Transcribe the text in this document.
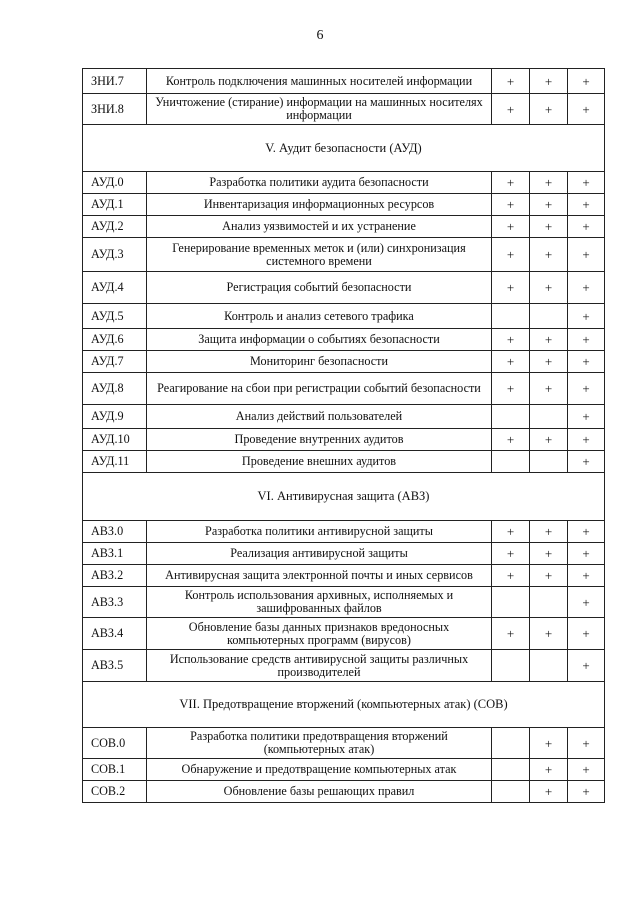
6
ЗНИ.7	Контроль подключения машинных носителей информации	+	+	+
ЗНИ.8	Уничтожение (стирание) информации на машинных носителях информации	+	+	+
V. Аудит безопасности (АУД)				
АУД.0	Разработка политики аудита безопасности	+	+	+
АУД.1	Инвентаризация информационных ресурсов	+	+	+
АУД.2	Анализ уязвимостей и их устранение	+	+	+
АУД.3	Генерирование временных меток и (или) синхронизация системного времени	+	+	+
АУД.4	Регистрация событий безопасности	+	+	+
АУД.5	Контроль и анализ сетевого трафика			+
АУД.6	Защита информации о событиях безопасности	+	+	+
АУД.7	Мониторинг безопасности	+	+	+
АУД.8	Реагирование на сбои при регистрации событий безопасности	+	+	+
АУД.9	Анализ действий пользователей			+
АУД.10	Проведение внутренних аудитов	+	+	+
АУД.11	Проведение внешних аудитов			+
VI. Антивирусная защита (АВЗ)				
АВЗ.0	Разработка политики антивирусной защиты	+	+	+
АВЗ.1	Реализация антивирусной защиты	+	+	+
АВЗ.2	Антивирусная защита электронной почты и иных сервисов	+	+	+
АВЗ.3	Контроль использования архивных, исполняемых и зашифрованных файлов			+
АВЗ.4	Обновление базы данных признаков вредоносных компьютерных программ (вирусов)	+	+	+
АВЗ.5	Использование средств антивирусной защиты различных производителей			+
VII. Предотвращение вторжений (компьютерных атак) (СОВ)				
СОВ.0	Разработка политики предотвращения вторжений (компьютерных атак)		+	+
СОВ.1	Обнаружение и предотвращение компьютерных атак		+	+
СОВ.2	Обновление базы решающих правил		+	+
